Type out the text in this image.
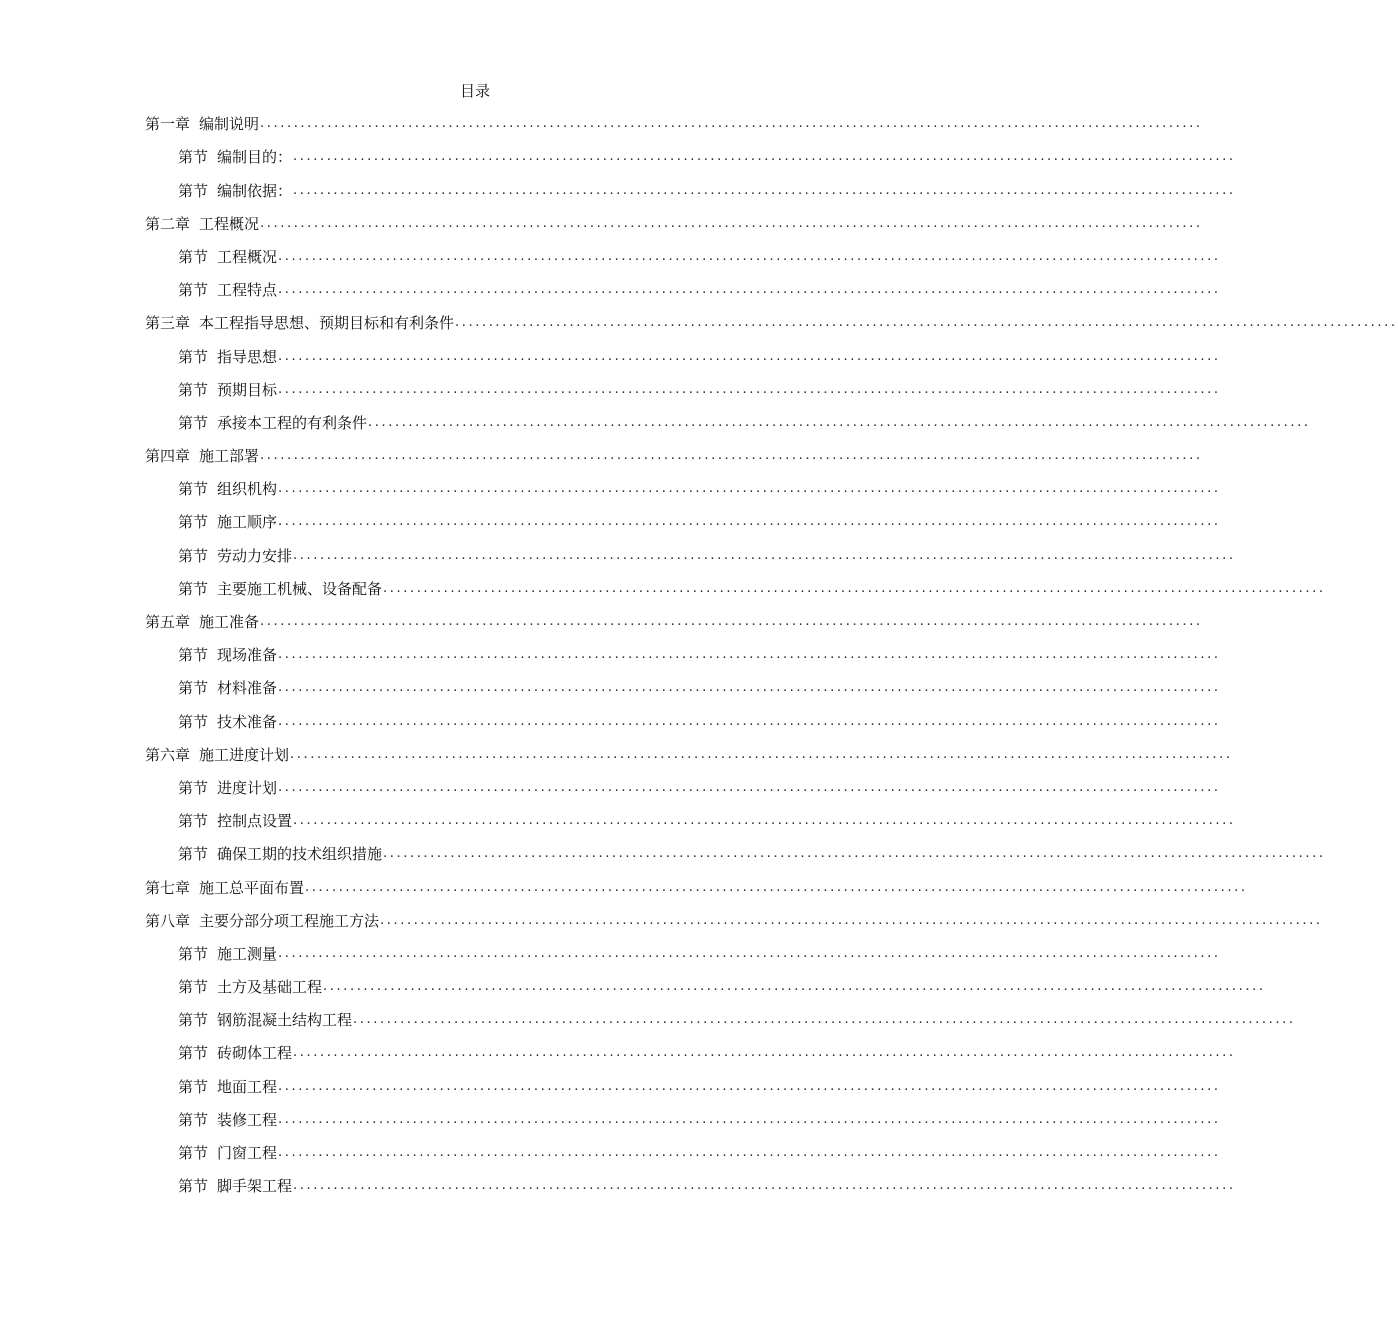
目录
第一章 编制说明 ............................................................................................................................................
第节 编制目的： ............................................................................................................................................
第节 编制依据： ............................................................................................................................................
第二章 工程概况 ............................................................................................................................................
第节 工程概况 ............................................................................................................................................
第节 工程特点 ............................................................................................................................................
第三章 本工程指导思想、预期目标和有利条件 ............................................................................................................................................
第节 指导思想 ............................................................................................................................................
第节 预期目标 ............................................................................................................................................
第节 承接本工程的有利条件 ............................................................................................................................................
第四章 施工部署 ............................................................................................................................................
第节 组织机构 ............................................................................................................................................
第节 施工顺序 ............................................................................................................................................
第节 劳动力安排 ............................................................................................................................................
第节 主要施工机械、设备配备 ............................................................................................................................................
第五章 施工准备 ............................................................................................................................................
第节 现场准备 ............................................................................................................................................
第节 材料准备 ............................................................................................................................................
第节 技术准备 ............................................................................................................................................
第六章 施工进度计划 ............................................................................................................................................
第节 进度计划 ............................................................................................................................................
第节 控制点设置 ............................................................................................................................................
第节 确保工期的技术组织措施 ............................................................................................................................................
第七章 施工总平面布置 ............................................................................................................................................
第八章 主要分部分项工程施工方法 ............................................................................................................................................
第节 施工测量 ............................................................................................................................................
第节 土方及基础工程 ............................................................................................................................................
第节 钢筋混凝土结构工程 ............................................................................................................................................
第节 砖砌体工程 ............................................................................................................................................
第节 地面工程 ............................................................................................................................................
第节 装修工程 ............................................................................................................................................
第节 门窗工程 ............................................................................................................................................
第节 脚手架工程 ............................................................................................................................................
